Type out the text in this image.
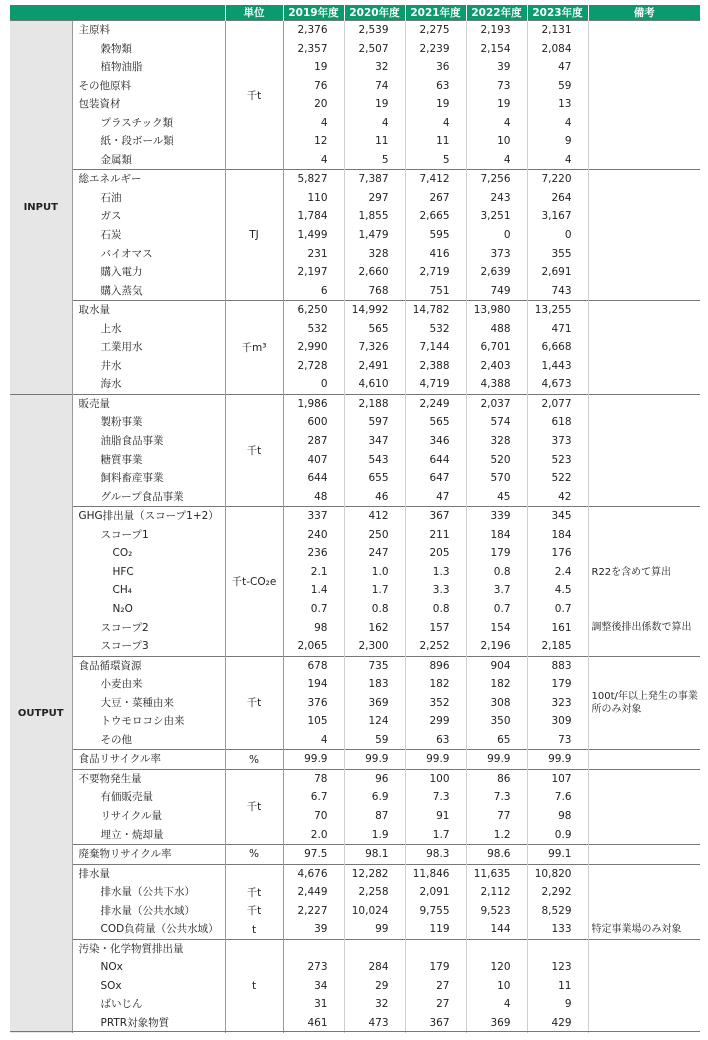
		単位	2019年度	2020年度	2021年度	2022年度	2023年度	備考
INPUT	主原料	千t	2,376	2,539	2,275	2,193	2,131	
	穀物類		2,357	2,507	2,239	2,154	2,084	
	植物油脂		19	32	36	39	47	
	その他原料		76	74	63	73	59	
	包装資材		20	19	19	19	13	
	プラスチック類		4	4	4	4	4	
	紙・段ボール類		12	11	11	10	9	
	金属類		4	5	5	4	4	
	総エネルギー	TJ	5,827	7,387	7,412	7,256	7,220	
	石油		110	297	267	243	264	
	ガス		1,784	1,855	2,665	3,251	3,167	
	石炭		1,499	1,479	595	0	0	
	バイオマス		231	328	416	373	355	
	購入電力		2,197	2,660	2,719	2,639	2,691	
	購入蒸気		6	768	751	749	743	
	取水量	千m³	6,250	14,992	14,782	13,980	13,255	
	上水		532	565	532	488	471	
	工業用水		2,990	7,326	7,144	6,701	6,668	
	井水		2,728	2,491	2,388	2,403	1,443	
	海水		0	4,610	4,719	4,388	4,673	
OUTPUT	販売量	千t	1,986	2,188	2,249	2,037	2,077	
	製粉事業		600	597	565	574	618	
	油脂食品事業		287	347	346	328	373	
	糖質事業		407	543	644	520	523	
	飼料畜産事業		644	655	647	570	522	
	グループ食品事業		48	46	47	45	42	
	GHG排出量（スコープ1+2）	千t-CO₂e	337	412	367	339	345	
	スコープ1		240	250	211	184	184	
	CO₂		236	247	205	179	176	
	HFC		2.1	1.0	1.3	0.8	2.4	R22を含めて算出
	CH₄		1.4	1.7	3.3	3.7	4.5	
	N₂O		0.7	0.8	0.8	0.7	0.7	
	スコープ2		98	162	157	154	161	調整後排出係数で算出
	スコープ3		2,065	2,300	2,252	2,196	2,185	
	食品循環資源	千t	678	735	896	904	883	100t/年以上発生の事業所のみ対象
	小麦由来		194	183	182	182	179	
	大豆・菜種由来		376	369	352	308	323	
	トウモロコシ由来		105	124	299	350	309	
	その他		4	59	63	65	73	
	食品リサイクル率	%	99.9	99.9	99.9	99.9	99.9	
	不要物発生量	千t	78	96	100	86	107	
	有価販売量		6.7	6.9	7.3	7.3	7.6	
	リサイクル量		70	87	91	77	98	
	埋立・焼却量		2.0	1.9	1.7	1.2	0.9	
	廃棄物リサイクル率	%	97.5	98.1	98.3	98.6	99.1	
	排水量		4,676	12,282	11,846	11,635	10,820	
	排水量（公共下水）	千t	2,449	2,258	2,091	2,112	2,292	
	排水量（公共水域）	千t	2,227	10,024	9,755	9,523	8,529	
	COD負荷量（公共水域）	t	39	99	119	144	133	特定事業場のみ対象
	汚染・化学物質排出量	t						
	NOx		273	284	179	120	123	
	SOx		34	29	27	10	11	
	ばいじん		31	32	27	4	9	
	PRTR対象物質		461	473	367	369	429	
